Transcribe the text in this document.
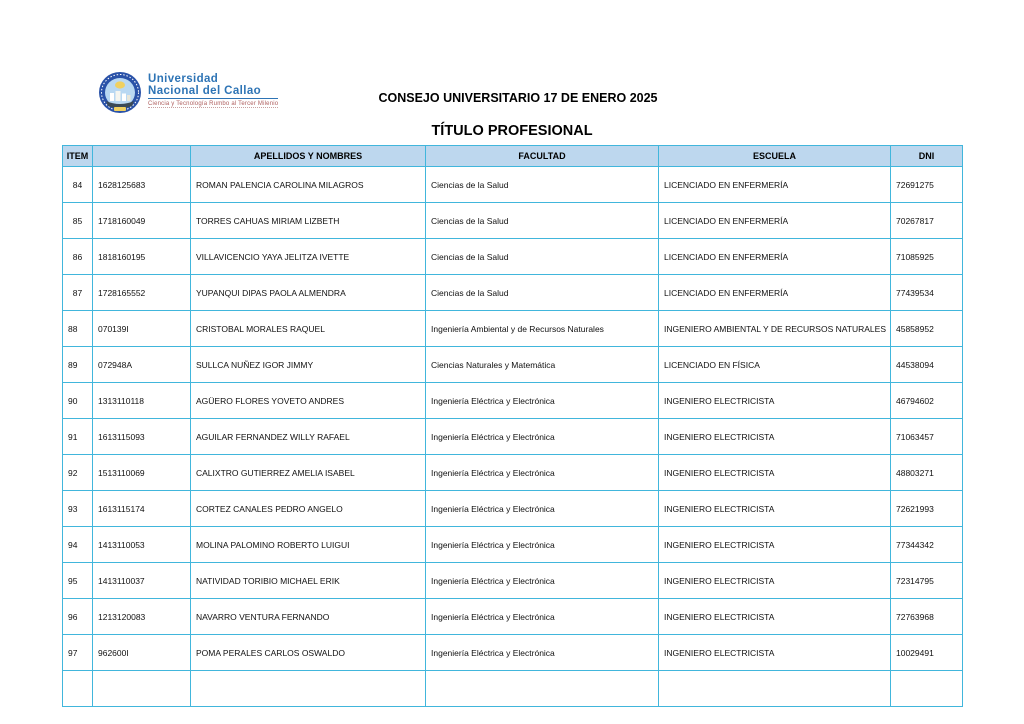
Universidad
Nacional del Callao
Ciencia y Tecnología Rumbo al Tercer Milenio	CONSEJO UNIVERSITARIO 17 DE ENERO 2025
TÍTULO PROFESIONAL
ITEM		APELLIDOS Y NOMBRES	FACULTAD	ESCUELA	DNI
84	1628125683	ROMAN PALENCIA CAROLINA MILAGROS	Ciencias de la Salud	LICENCIADO EN ENFERMERÍA	72691275
85	1718160049	TORRES CAHUAS MIRIAM LIZBETH	Ciencias de la Salud	LICENCIADO EN ENFERMERÍA	70267817
86	1818160195	VILLAVICENCIO YAYA JELITZA IVETTE	Ciencias de la Salud	LICENCIADO EN ENFERMERÍA	71085925
87	1728165552	YUPANQUI DIPAS PAOLA ALMENDRA	Ciencias de la Salud	LICENCIADO EN ENFERMERÍA	77439534
88	070139I	CRISTOBAL MORALES RAQUEL	Ingeniería Ambiental y de Recursos Naturales	INGENIERO AMBIENTAL Y DE RECURSOS NATURALES	45858952
89	072948A	SULLCA NUÑEZ IGOR JIMMY	Ciencias Naturales y Matemática	LICENCIADO EN FÍSICA	44538094
90	1313110118	AGÜERO FLORES YOVETO ANDRES	Ingeniería Eléctrica y Electrónica	INGENIERO ELECTRICISTA	46794602
91	1613115093	AGUILAR FERNANDEZ WILLY RAFAEL	Ingeniería Eléctrica y Electrónica	INGENIERO ELECTRICISTA	71063457
92	1513110069	CALIXTRO GUTIERREZ AMELIA ISABEL	Ingeniería Eléctrica y Electrónica	INGENIERO ELECTRICISTA	48803271
93	1613115174	CORTEZ CANALES PEDRO ANGELO	Ingeniería Eléctrica y Electrónica	INGENIERO ELECTRICISTA	72621993
94	1413110053	MOLINA PALOMINO ROBERTO LUIGUI	Ingeniería Eléctrica y Electrónica	INGENIERO ELECTRICISTA	77344342
95	1413110037	NATIVIDAD TORIBIO MICHAEL ERIK	Ingeniería Eléctrica y Electrónica	INGENIERO ELECTRICISTA	72314795
96	1213120083	NAVARRO VENTURA FERNANDO	Ingeniería Eléctrica y Electrónica	INGENIERO ELECTRICISTA	72763968
97	962600I	POMA PERALES CARLOS OSWALDO	Ingeniería Eléctrica y Electrónica	INGENIERO ELECTRICISTA	10029491
